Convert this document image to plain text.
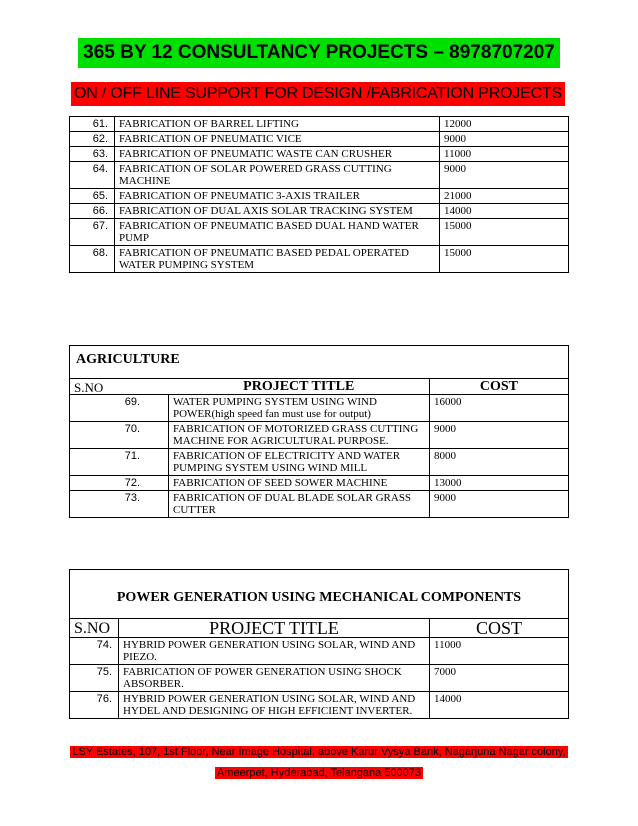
365 BY 12 CONSULTANCY PROJECTS – 8978707207
ON / OFF LINE SUPPORT FOR DESIGN /FABRICATION PROJECTS
61.	FABRICATION OF BARREL LIFTING	12000
62.	FABRICATION OF PNEUMATIC VICE	9000
63.	FABRICATION OF PNEUMATIC WASTE CAN CRUSHER	11000
64.	FABRICATION OF SOLAR POWERED GRASS CUTTING MACHINE	9000
65.	FABRICATION OF PNEUMATIC 3-AXIS TRAILER	21000
66.	FABRICATION OF DUAL AXIS SOLAR TRACKING SYSTEM	14000
67.	FABRICATION OF PNEUMATIC BASED DUAL HAND WATER PUMP	15000
68.	FABRICATION OF PNEUMATIC BASED PEDAL OPERATED WATER PUMPING SYSTEM	15000
AGRICULTURE		
S.NO	PROJECT TITLE	COST
69.	WATER PUMPING SYSTEM USING WIND POWER(high speed fan must use for output)	16000
70.	FABRICATION OF MOTORIZED GRASS CUTTING MACHINE FOR AGRICULTURAL PURPOSE.	9000
71.	FABRICATION OF ELECTRICITY AND WATER PUMPING SYSTEM USING WIND MILL	8000
72.	FABRICATION OF SEED SOWER MACHINE	13000
73.	FABRICATION OF DUAL BLADE SOLAR GRASS CUTTER	9000
POWER GENERATION USING MECHANICAL COMPONENTS		
S.NO	PROJECT TITLE	COST
74.	HYBRID POWER GENERATION USING SOLAR, WIND AND PIEZO.	11000
75.	FABRICATION OF POWER GENERATION USING SHOCK ABSORBER.	7000
76.	HYBRID POWER GENERATION USING SOLAR, WIND AND HYDEL AND DESIGNING OF HIGH EFFICIENT INVERTER.	14000
LSY Estates, 107, 1st Floor, Near Image Hospital, above Karur Vysya Bank, Nagarjuna Nagar colony,
Ameerpet, Hyderabad, Telangana 500073
